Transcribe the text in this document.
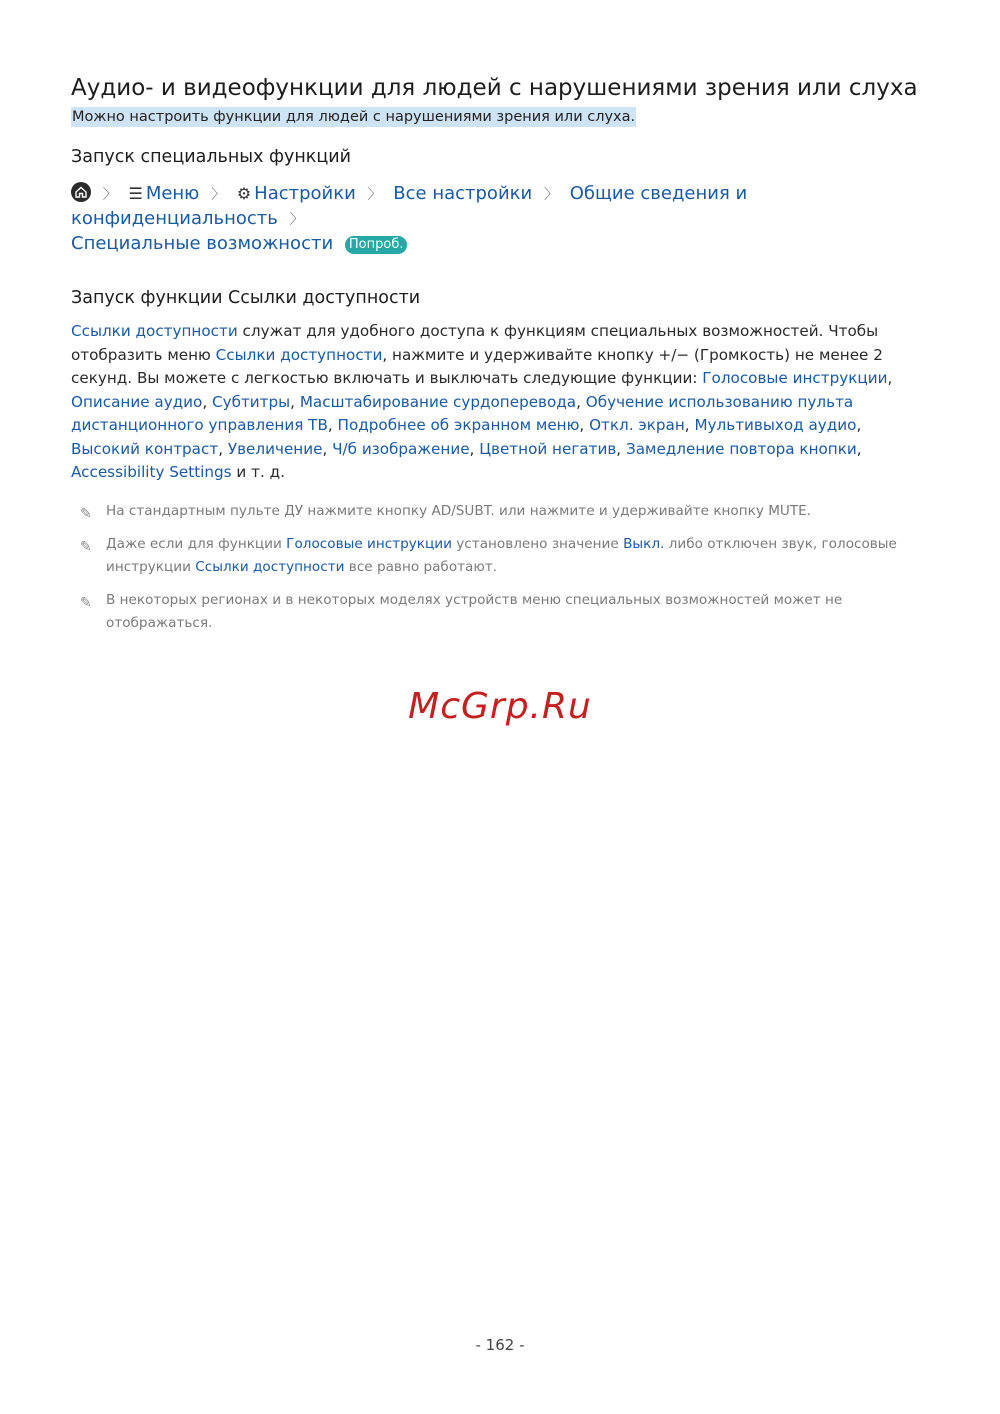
Аудио- и видеофункции для людей с нарушениями зрения или слуха
Можно настроить функции для людей с нарушениями зрения или слуха.
Запуск специальных функций
〉 ☰ Меню 〉 ⚙ Настройки 〉 Все настройки 〉 Общие сведения и конфиденциальность 〉
Специальные возможности Попроб.
Запуск функции Ссылки доступности

Ссылки доступности служат для удобного доступа к функциям специальных возможностей. Чтобы отобразить меню Ссылки доступности, нажмите и удерживайте кнопку +/− (Громкость) не менее 2 секунд. Вы можете с легкостью включать и выключать следующие функции: Голосовые инструкции, Описание аудио, Субтитры, Масштабирование сурдоперевода, Обучение использованию пульта дистанционного управления ТВ, Подробнее об экранном меню, Откл. экран, Мультивыход аудио, Высокий контраст, Увеличение, Ч/б изображение, Цветной негатив, Замедление повтора кнопки, Accessibility Settings и т. д.

✎ На стандартным пульте ДУ нажмите кнопку AD/SUBT. или нажмите и удерживайте кнопку MUTE.
✎ Даже если для функции Голосовые инструкции установлено значение Выкл. либо отключен звук, голосовые инструкции Ссылки доступности все равно работают.
✎ В некоторых регионах и в некоторых моделях устройств меню специальных возможностей может не отображаться.
McGrp.Ru
- 162 -
